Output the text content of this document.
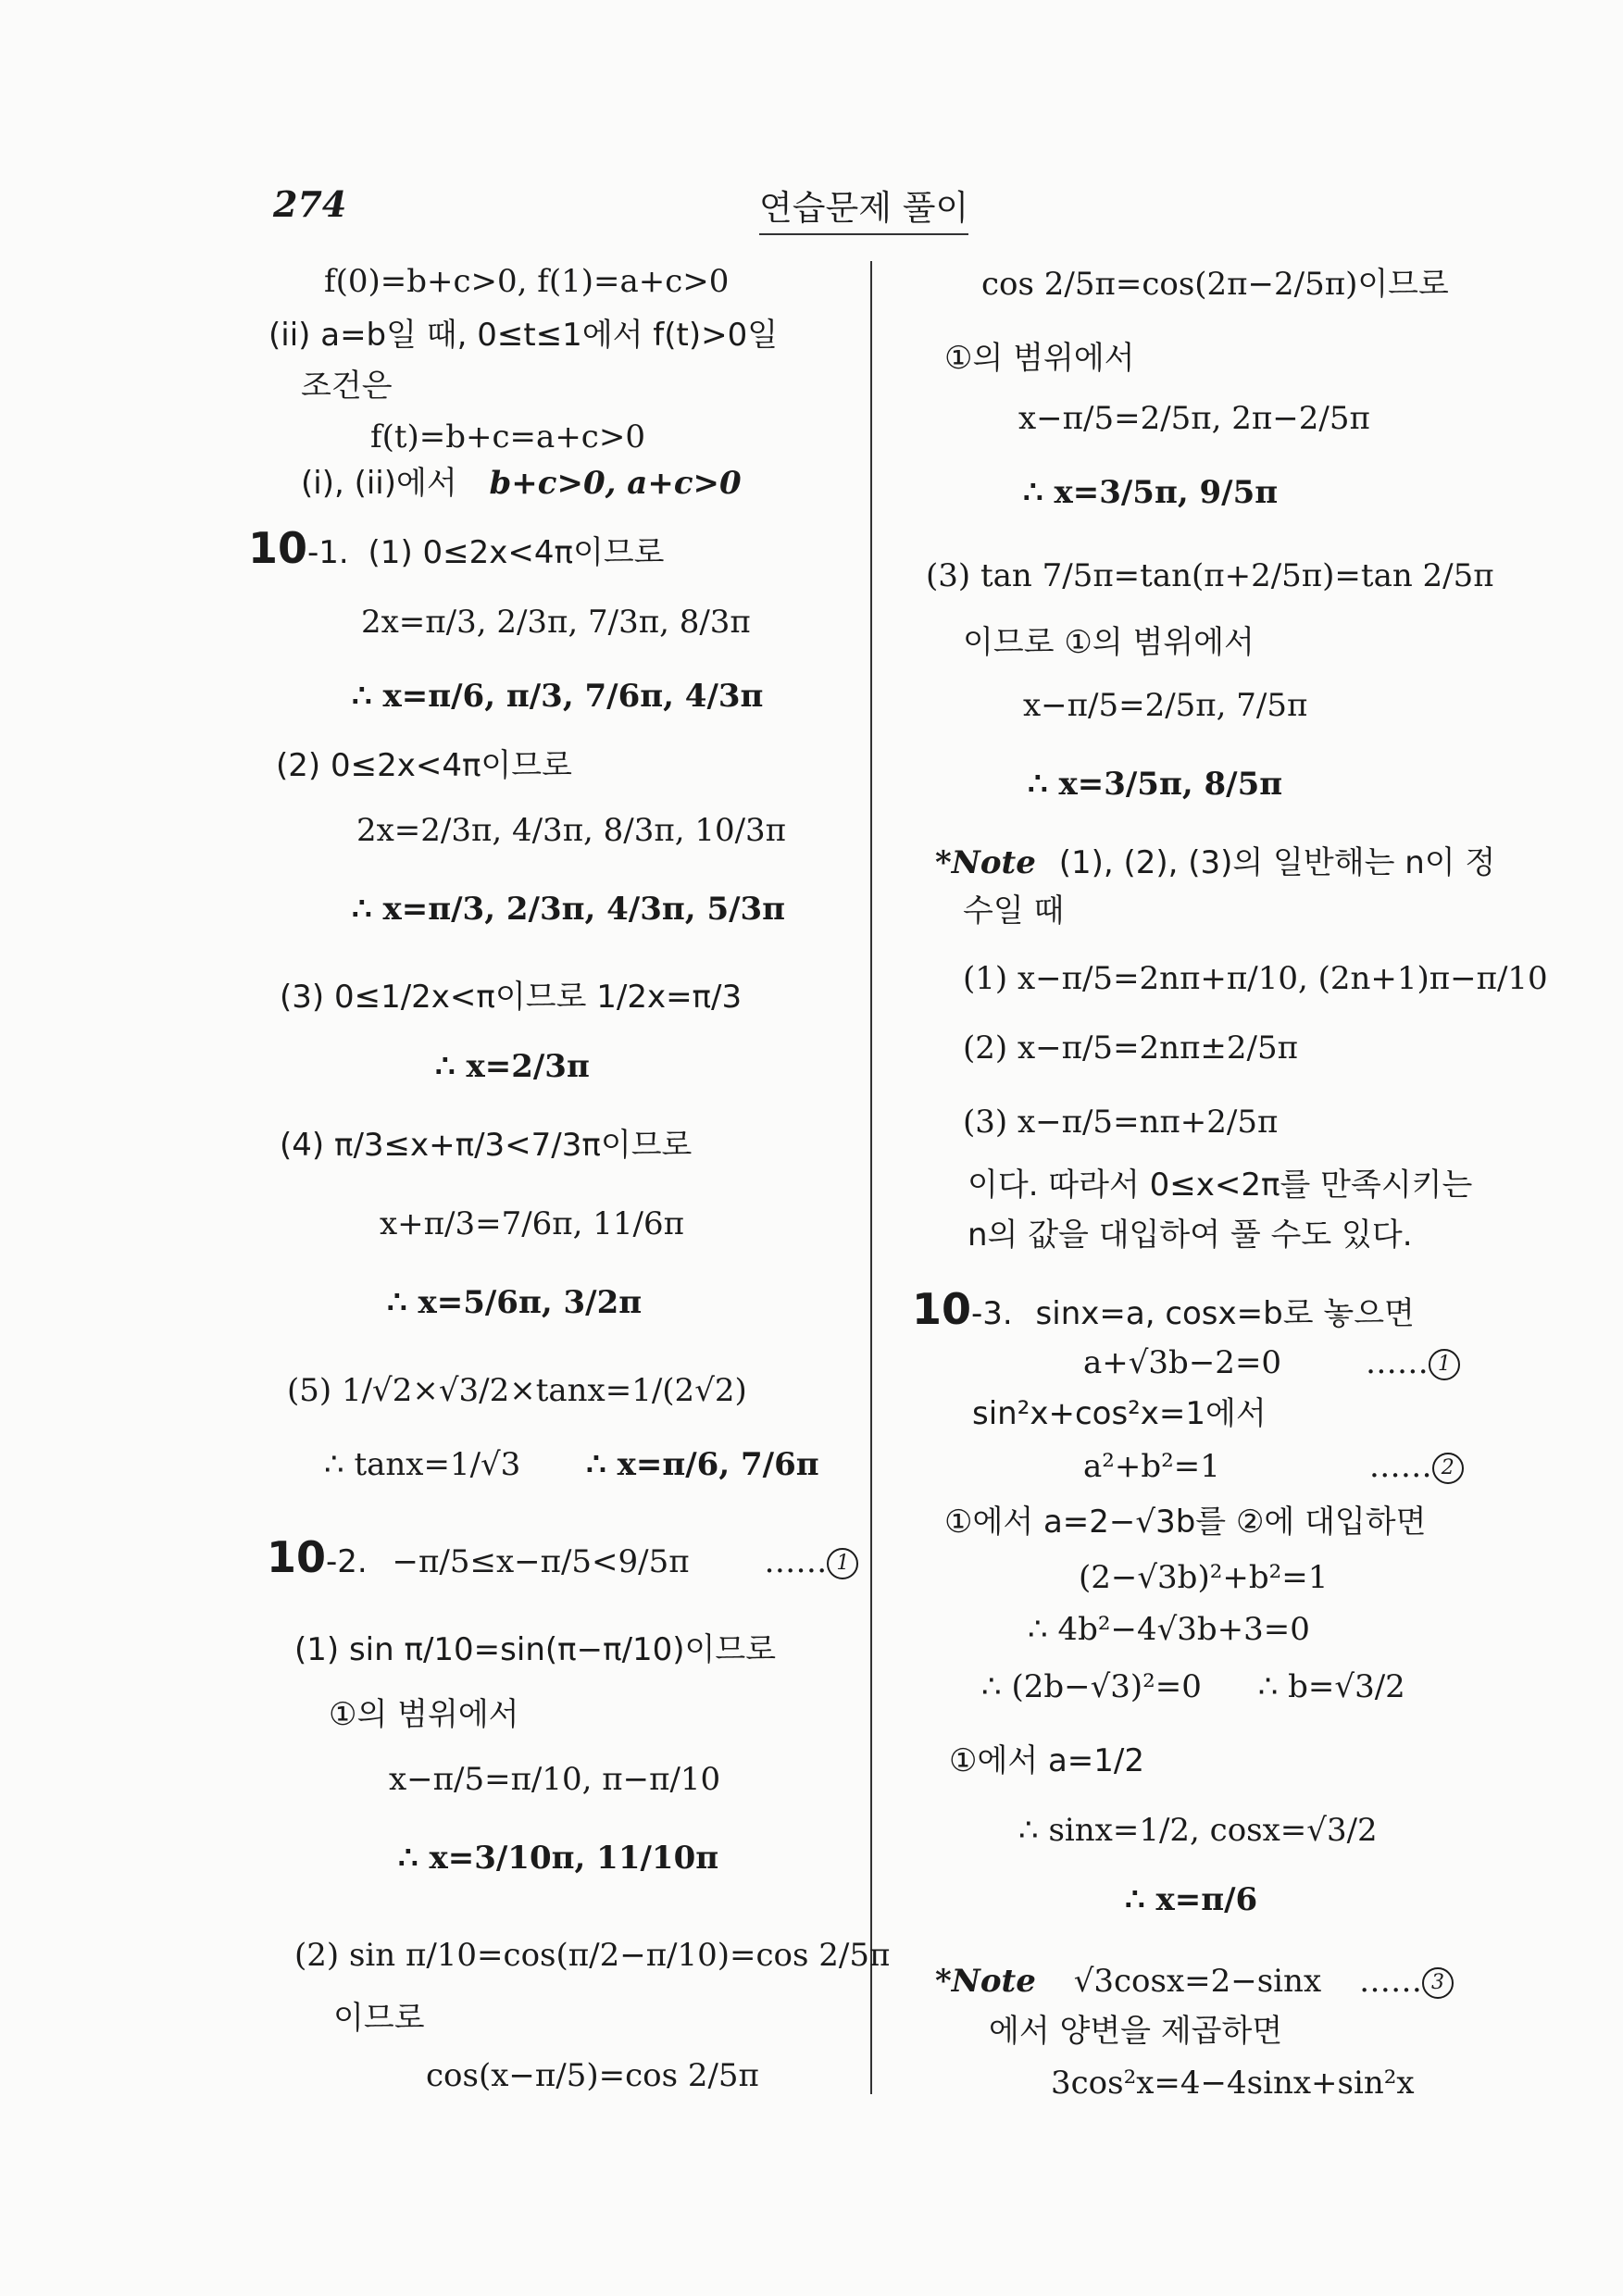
274	연습문제 풀이
f(0)=b+c>0, f(1)=a+c>0
(ii) a=b일 때, 0≤t≤1에서 f(t)>0일
조건은
f(t)=b+c=a+c>0
(i), (ii)에서 b+c>0, a+c>0
10-1. (1) 0≤2x<4π이므로
2x=π/3, 2/3π, 7/3π, 8/3π
∴ x=π/6, π/3, 7/6π, 4/3π
(2) 0≤2x<4π이므로
2x=2/3π, 4/3π, 8/3π, 10/3π
∴ x=π/3, 2/3π, 4/3π, 5/3π
(3) 0≤1/2x<π이므로 1/2x=π/3
∴ x=2/3π
(4) π/3≤x+π/3<7/3π이므로
x+π/3=7/6π, 11/6π
∴ x=5/6π, 3/2π
(5) 1/√2×√3/2×tanx=1/(2√2)
∴ tanx=1/√3 ∴ x=π/6, 7/6π
10-2. −π/5≤x−π/5<9/5π …… 1
(1) sin π/10=sin(π−π/10)이므로
①의 범위에서
x−π/5=π/10, π−π/10
∴ x=3/10π, 11/10π
(2) sin π/10=cos(π/2−π/10)=cos 2/5π
이므로
cos(x−π/5)=cos 2/5π
cos 2/5π=cos(2π−2/5π)이므로
①의 범위에서
x−π/5=2/5π, 2π−2/5π
∴ x=3/5π, 9/5π
(3) tan 7/5π=tan(π+2/5π)=tan 2/5π
이므로 ①의 범위에서
x−π/5=2/5π, 7/5π
∴ x=3/5π, 8/5π
*Note (1), (2), (3)의 일반해는 n이 정
수일 때
(1) x−π/5=2nπ+π/10, (2n+1)π−π/10
(2) x−π/5=2nπ±2/5π
(3) x−π/5=nπ+2/5π
이다. 따라서 0≤x<2π를 만족시키는
n의 값을 대입하여 풀 수도 있다.
10-3. sinx=a, cosx=b로 놓으면
a+√3b−2=0	…… 1
sin²x+cos²x=1에서
a²+b²=1	…… 2
①에서 a=2−√3b를 ②에 대입하면
(2−√3b)²+b²=1
∴ 4b²−4√3b+3=0
∴ (2b−√3)²=0 ∴ b=√3/2
①에서 a=1/2
∴ sinx=1/2, cosx=√3/2
∴ x=π/6
*Note √3cosx=2−sinx …… 3
에서 양변을 제곱하면
3cos²x=4−4sinx+sin²x
